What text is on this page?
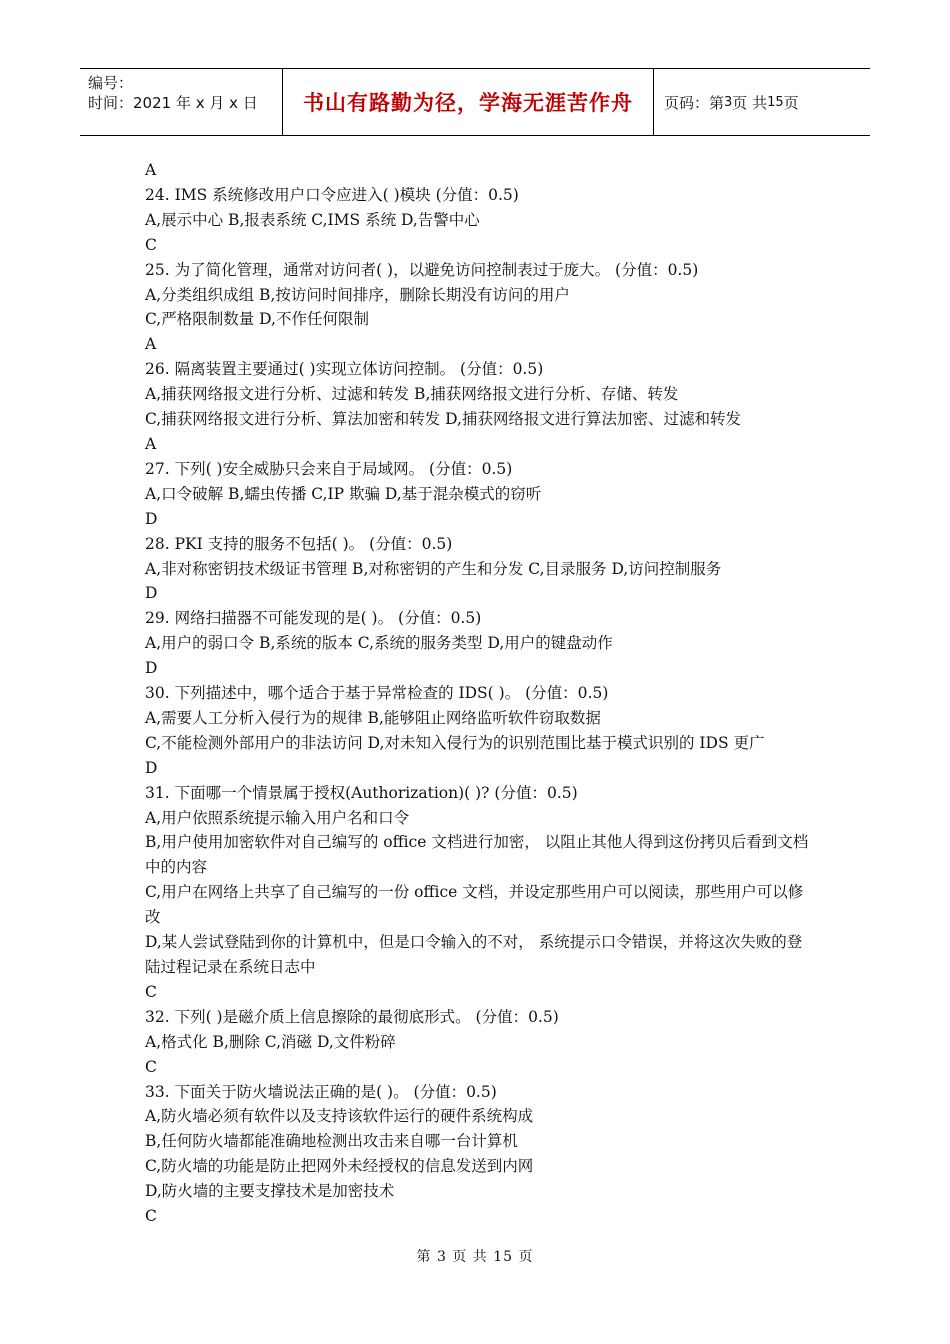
编号：
时间：2021 年 x 月 x 日	书山有路勤为径，学海无涯苦作舟	页码：第 3 页 共 15 页
A
24. IMS 系统修改用户口令应进入( )模块 (分值：0.5)
A,展示中心 B,报表系统 C,IMS 系统 D,告警中心
C
25. 为了简化管理，通常对访问者( )，以避免访问控制表过于庞大。 (分值：0.5)
A,分类组织成组 B,按访问时间排序，删除长期没有访问的用户
C,严格限制数量 D,不作任何限制
A
26. 隔离装置主要通过( )实现立体访问控制。 (分值：0.5)
A,捕获网络报文进行分析、过滤和转发 B,捕获网络报文进行分析、存储、转发
C,捕获网络报文进行分析、算法加密和转发 D,捕获网络报文进行算法加密、过滤和转发
A
27. 下列( )安全威胁只会来自于局域网。 (分值：0.5)
A,口令破解 B,蠕虫传播 C,IP 欺骗 D,基于混杂模式的窃听
D
28. PKI 支持的服务不包括( )。 (分值：0.5)
A,非对称密钥技术级证书管理 B,对称密钥的产生和分发 C,目录服务 D,访问控制服务
D
29. 网络扫描器不可能发现的是( )。 (分值：0.5)
A,用户的弱口令 B,系统的版本 C,系统的服务类型 D,用户的键盘动作
D
30. 下列描述中，哪个适合于基于异常检查的 IDS( )。 (分值：0.5)
A,需要人工分析入侵行为的规律 B,能够阻止网络监听软件窃取数据
C,不能检测外部用户的非法访问 D,对未知入侵行为的识别范围比基于模式识别的 IDS 更广
D
31. 下面哪一个情景属于授权(Authorization)( )? (分值：0.5)
A,用户依照系统提示输入用户名和口令
B,用户使用加密软件对自己编写的 office 文档进行加密， 以阻止其他人得到这份拷贝后看到文档中的内容
C,用户在网络上共享了自己编写的一份 office 文档，并设定那些用户可以阅读，那些用户可以修改
D,某人尝试登陆到你的计算机中，但是口令输入的不对， 系统提示口令错误，并将这次失败的登陆过程记录在系统日志中
C
32. 下列( )是磁介质上信息擦除的最彻底形式。 (分值：0.5)
A,格式化 B,删除 C,消磁 D,文件粉碎
C
33. 下面关于防火墙说法正确的是( )。 (分值：0.5)
A,防火墙必须有软件以及支持该软件运行的硬件系统构成
B,任何防火墙都能准确地检测出攻击来自哪一台计算机
C,防火墙的功能是防止把网外未经授权的信息发送到内网
D,防火墙的主要支撑技术是加密技术
C
第 3 页 共 15 页
